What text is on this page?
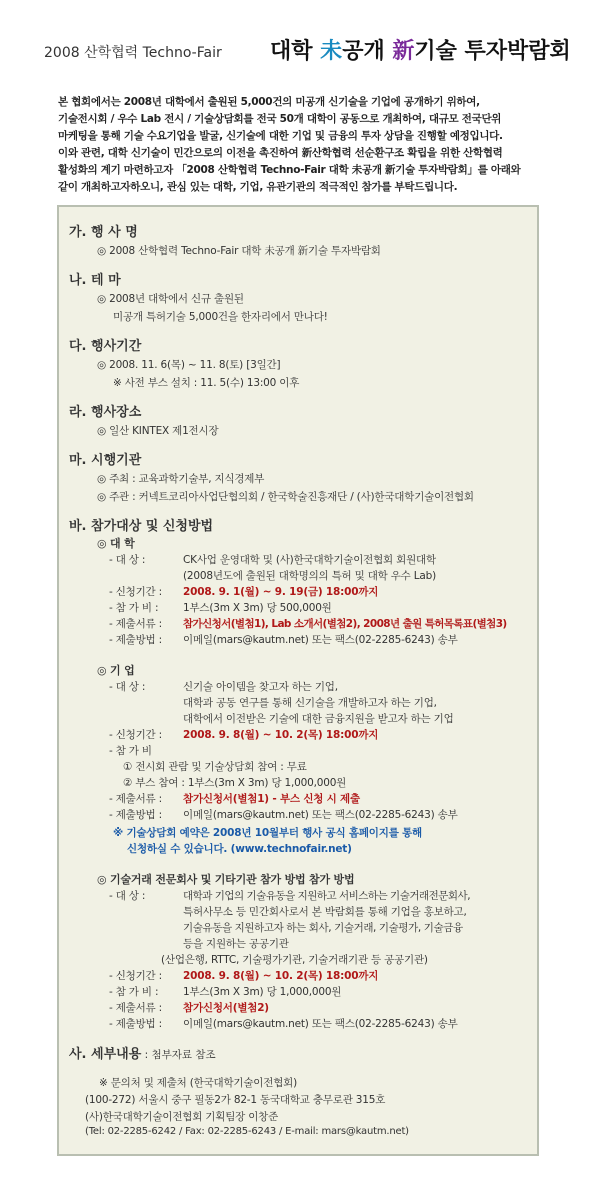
2008 산학협력 Techno-Fair 대학 未공개 新기술 투자박람회
본 협회에서는 2008년 대학에서 출원된 5,000건의 미공개 신기술을 기업에 공개하기 위하여,
기술전시회 / 우수 Lab 전시 / 기술상담회를 전국 50개 대학이 공동으로 개최하여, 대규모 전국단위
마케팅을 통해 기술 수요기업을 발굴, 신기술에 대한 기업 및 금융의 투자 상담을 진행할 예정입니다.
이와 관련, 대학 신기술이 민간으로의 이전을 촉진하여 新산학협력 선순환구조 확립을 위한 산학협력
활성화의 계기 마련하고자 「2008 산학협력 Techno-Fair 대학 未공개 新기술 투자박람회」를 아래와
같이 개최하고자하오니, 관심 있는 대학, 기업, 유관기관의 적극적인 참가를 부탁드립니다.
가. 행 사 명
◎ 2008 산학협력 Techno-Fair 대학 未공개 新기술 투자박람회
나. 테 마
◎ 2008년 대학에서 신규 출원된
미공개 특허기술 5,000건을 한자리에서 만나다!
다. 행사기간
◎ 2008. 11. 6(목) ~ 11. 8(토) [3일간]
※ 사전 부스 설치 : 11. 5(수) 13:00 이후
라. 행사장소
◎ 일산 KINTEX 제1전시장
마. 시행기관
◎ 주최 : 교육과학기술부, 지식경제부
◎ 주관 : 커넥트코리아사업단협의회 / 한국학술진흥재단 / (사)한국대학기술이전협회
바. 참가대상 및 신청방법
◎ 대 학
- 대 상 :	CK사업 운영대학 및 (사)한국대학기술이전협회 회원대학
(2008년도에 출원된 대학명의의 특허 및 대학 우수 Lab)
- 신청기간 : 2008. 9. 1(월) ~ 9. 19(금) 18:00까지
- 참 가 비 : 1부스(3m X 3m) 당 500,000원
- 제출서류 : 참가신청서(별첨1), Lab 소개서(별첨2), 2008년 출원 특허목록표(별첨3)
- 제출방법 : 이메일(mars@kautm.net) 또는 팩스(02-2285-6243) 송부
◎ 기 업
- 대 상 :	신기술 아이템을 찾고자 하는 기업,
대학과 공동 연구를 통해 신기술을 개발하고자 하는 기업,
대학에서 이전받은 기술에 대한 금융지원을 받고자 하는 기업
- 신청기간 : 2008. 9. 8(월) ~ 10. 2(목) 18:00까지
- 참 가 비
① 전시회 관람 및 기술상담회 참여 : 무료
② 부스 참여 : 1부스(3m X 3m) 당 1,000,000원
- 제출서류 : 참가신청서(별첨1) - 부스 신청 시 제출
- 제출방법 : 이메일(mars@kautm.net) 또는 팩스(02-2285-6243) 송부
※ 기술상담회 예약은 2008년 10월부터 행사 공식 홈페이지를 통해
신청하실 수 있습니다. (www.technofair.net)
◎ 기술거래 전문회사 및 기타기관 참가 방법 참가 방법
- 대 상 :	대학과 기업의 기술유동을 지원하고 서비스하는 기술거래전문회사,
특허사무소 등 민간회사로서 본 박람회를 통해 기업을 홍보하고,
기술유동을 지원하고자 하는 회사, 기술거래, 기술평가, 기술금융
등을 지원하는 공공기관
(산업은행, RTTC, 기술평가기관, 기술거래기관 등 공공기관)
- 신청기간 : 2008. 9. 8(월) ~ 10. 2(목) 18:00까지
- 참 가 비 : 1부스(3m X 3m) 당 1,000,000원
- 제출서류 : 참가신청서(별첨2)
- 제출방법 : 이메일(mars@kautm.net) 또는 팩스(02-2285-6243) 송부
사. 세부내용 : 첨부자료 참조
※ 문의처 및 제출처 (한국대학기술이전협회)
(100-272) 서울시 중구 필동2가 82-1 동국대학교 충무로관 315호
(사)한국대학기술이전협회 기획팀장 이창준
(Tel: 02-2285-6242 / Fax: 02-2285-6243 / E-mail: mars@kautm.net)
